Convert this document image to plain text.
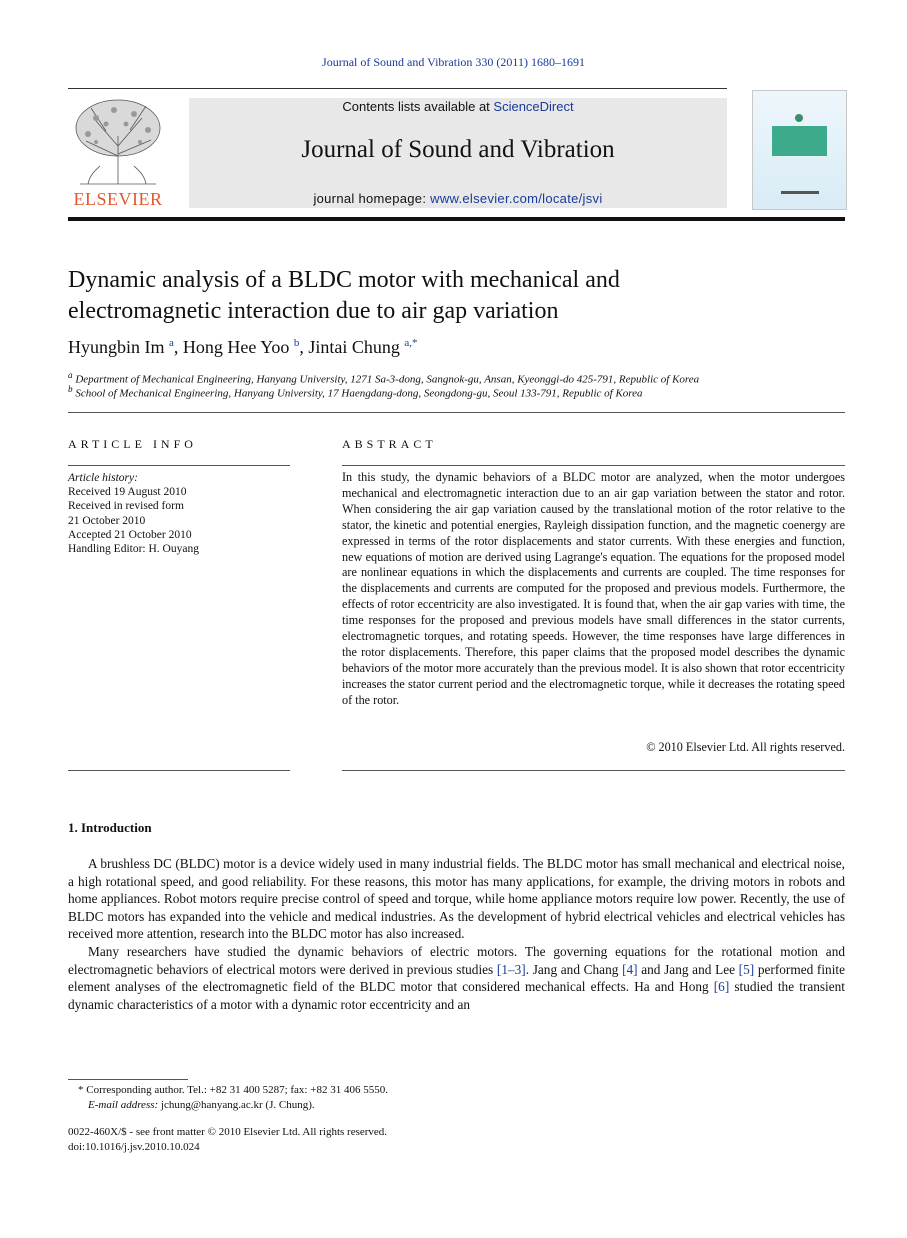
Journal of Sound and Vibration 330 (2011) 1680–1691
ELSEVIER
Contents lists available at ScienceDirect
Journal of Sound and Vibration
journal homepage: www.elsevier.com/locate/jsvi
Dynamic analysis of a BLDC motor with mechanical and
electromagnetic interaction due to air gap variation
Hyungbin Im $^a$, Hong Hee Yoo $^b$, Jintai Chung $^{a,*}$
$^a$ Department of Mechanical Engineering, Hanyang University, 1271 Sa-3-dong, Sangnok-gu, Ansan, Kyeonggi-do 425-791, Republic of Korea
$^b$ School of Mechanical Engineering, Hanyang University, 17 Haengdang-dong, Seongdong-gu, Seoul 133-791, Republic of Korea
ARTICLE INFO	ABSTRACT
Article history:
Received 19 August 2010
Received in revised form
21 October 2010
Accepted 21 October 2010
Handling Editor: H. Ouyang
In this study, the dynamic behaviors of a BLDC motor are analyzed, when the motor undergoes mechanical and electromagnetic interaction due to an air gap variation between the stator and rotor. When considering the air gap variation caused by the translational motion of the rotor relative to the stator, the kinetic and potential energies, Rayleigh dissipation function, and the magnetic coenergy are expressed in terms of the rotor displacements and stator currents. With these energies and function, new equations of motion are derived using Lagrange's equation. The equations for the proposed model are nonlinear equations in which the displacements and currents are coupled. The time responses for the displacements and currents are computed for the proposed and previous models. Furthermore, the effects of rotor eccentricity are also investigated. It is found that, when the air gap varies with time, the time responses for the proposed and previous models have small differences in the stator currents, electromagnetic torques, and rotating speeds. However, the time responses have large differences in the rotor displacements. Therefore, this paper claims that the proposed model describes the dynamic behaviors of the motor more accurately than the previous model. It is also shown that rotor eccentricity increases the stator current period and the electromagnetic torque, while it decreases the rotating speed of the rotor.
© 2010 Elsevier Ltd. All rights reserved.
1. Introduction

A brushless DC (BLDC) motor is a device widely used in many industrial fields. The BLDC motor has small mechanical and electrical noise, a high rotational speed, and good reliability. For these reasons, this motor has many applications, for example, the driving motors in robots and home appliances. Robot motors require precise control of speed and torque, while home appliance motors require low power. Recently, the use of BLDC motors has expanded into the vehicle and medical industries. As the development of hybrid electrical vehicles and electrical vehicles has received more attention, research into the BLDC motor has also increased.

Many researchers have studied the dynamic behaviors of electric motors. The governing equations for the rotational motion and electromagnetic behaviors of electrical motors were derived in previous studies [1–3]. Jang and Chang [4] and Jang and Lee [5] performed finite element analyses of the electromagnetic field of the BLDC motor that considered mechanical effects. Ha and Hong [6] studied the transient dynamic characteristics of a motor with a dynamic rotor eccentricity and an

* Corresponding author. Tel.: +82 31 400 5287; fax: +82 31 406 5550.
E-mail address: jchung@hanyang.ac.kr (J. Chung).
0022-460X/$ - see front matter © 2010 Elsevier Ltd. All rights reserved.
doi:10.1016/j.jsv.2010.10.024
